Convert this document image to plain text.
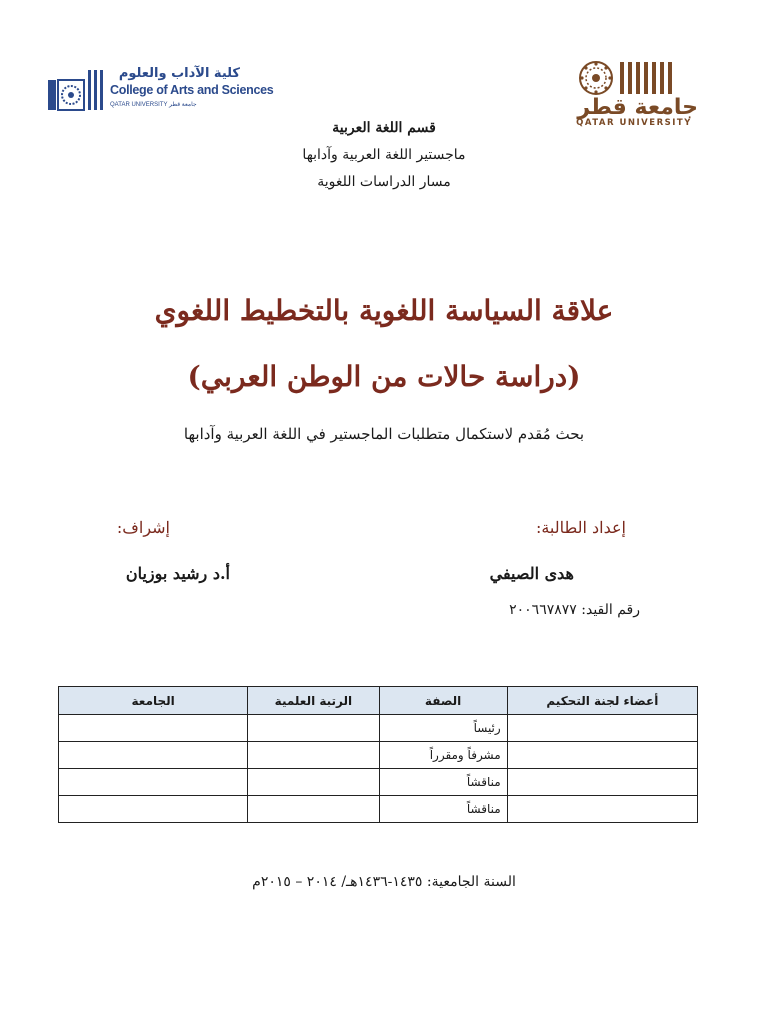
جامعة قطر
QATAR UNIVERSITY
كلية الآداب والعلوم
College of Arts and Sciences
QATAR UNIVERSITY جامعة قطر
قسم اللغة العربية
ماجستير اللغة العربية وآدابها
مسار الدراسات اللغوية
علاقة السياسة اللغوية بالتخطيط اللغوي
(دراسة حالات من الوطن العربي)
بحث مُقدم لاستكمال متطلبات الماجستير في اللغة العربية وآدابها
إعداد الطالبة:
إشراف:
هدى الصيفي
أ.د رشيد بوزيان
رقم القيد: ٢٠٠٦٦٧٨٧٧
أعضاء لجنة التحكيم	الصفة	الرتبة العلمية	الجامعة
	رئيساً		
	مشرفاً ومقرراً		
	مناقشاً		
	مناقشاً		
السنة الجامعية: ١٤٣٥-١٤٣٦هـ/ ٢٠١٤ – ٢٠١٥م
